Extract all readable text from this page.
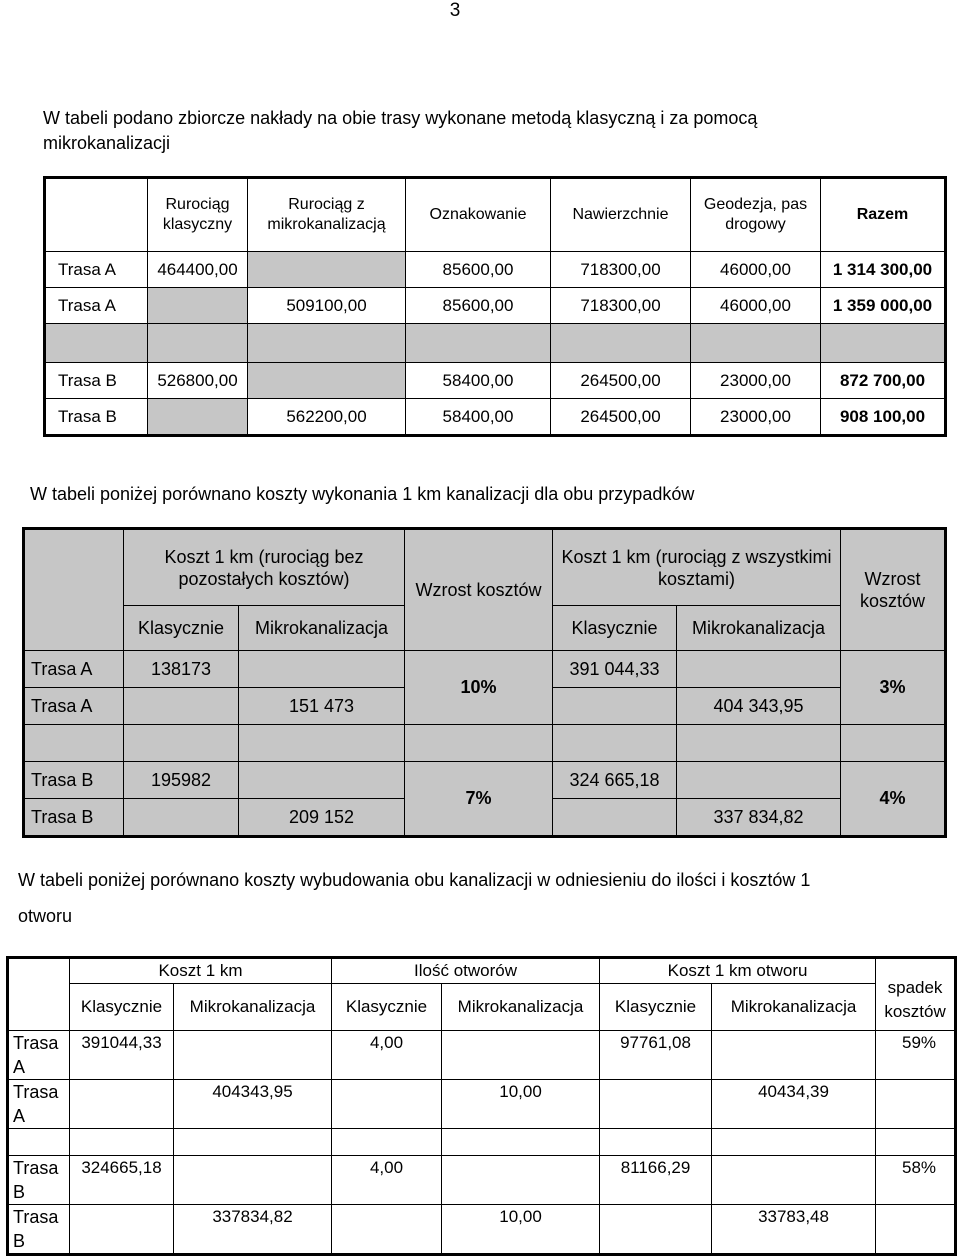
3
W tabeli podano zbiorcze nakłady na obie trasy wykonane metodą klasyczną i za pomocą mikrokanalizacji
	Rurociąg klasyczny	Rurociąg z mikrokanalizacją	Oznakowanie	Nawierzchnie	Geodezja, pas drogowy	Razem
Trasa A	464400,00		85600,00	718300,00	46000,00	1 314 300,00
Trasa A		509100,00	85600,00	718300,00	46000,00	1 359 000,00

Trasa B	526800,00		58400,00	264500,00	23000,00	872 700,00
Trasa B		562200,00	58400,00	264500,00	23000,00	908 100,00
W tabeli poniżej porównano koszty wykonania 1 km kanalizacji dla obu przypadków
	Koszt 1 km (rurociąg bez pozostałych kosztów)		Wzrost kosztów	Koszt 1 km (rurociąg z wszystkimi kosztami)		Wzrost kosztów
	Klasycznie	Mikrokanalizacja		Klasycznie	Mikrokanalizacja	
Trasa A	138173		10%	391 044,33		3%
Trasa A		151 473			404 343,95	

Trasa B	195982		7%	324 665,18		4%
Trasa B		209 152			337 834,82	
W tabeli poniżej porównano koszty wybudowania obu kanalizacji w odniesieniu do ilości i kosztów 1 otworu
	Koszt 1 km		Ilość otworów		Koszt 1 km otworu		spadek kosztów
	Klasycznie	Mikrokanalizacja	Klasycznie	Mikrokanalizacja	Klasycznie	Mikrokanalizacja	
Trasa A	391044,33		4,00		97761,08		59%
Trasa A		404343,95		10,00		40434,39	

Trasa B	324665,18		4,00		81166,29		58%
Trasa B		337834,82		10,00		33783,48	
